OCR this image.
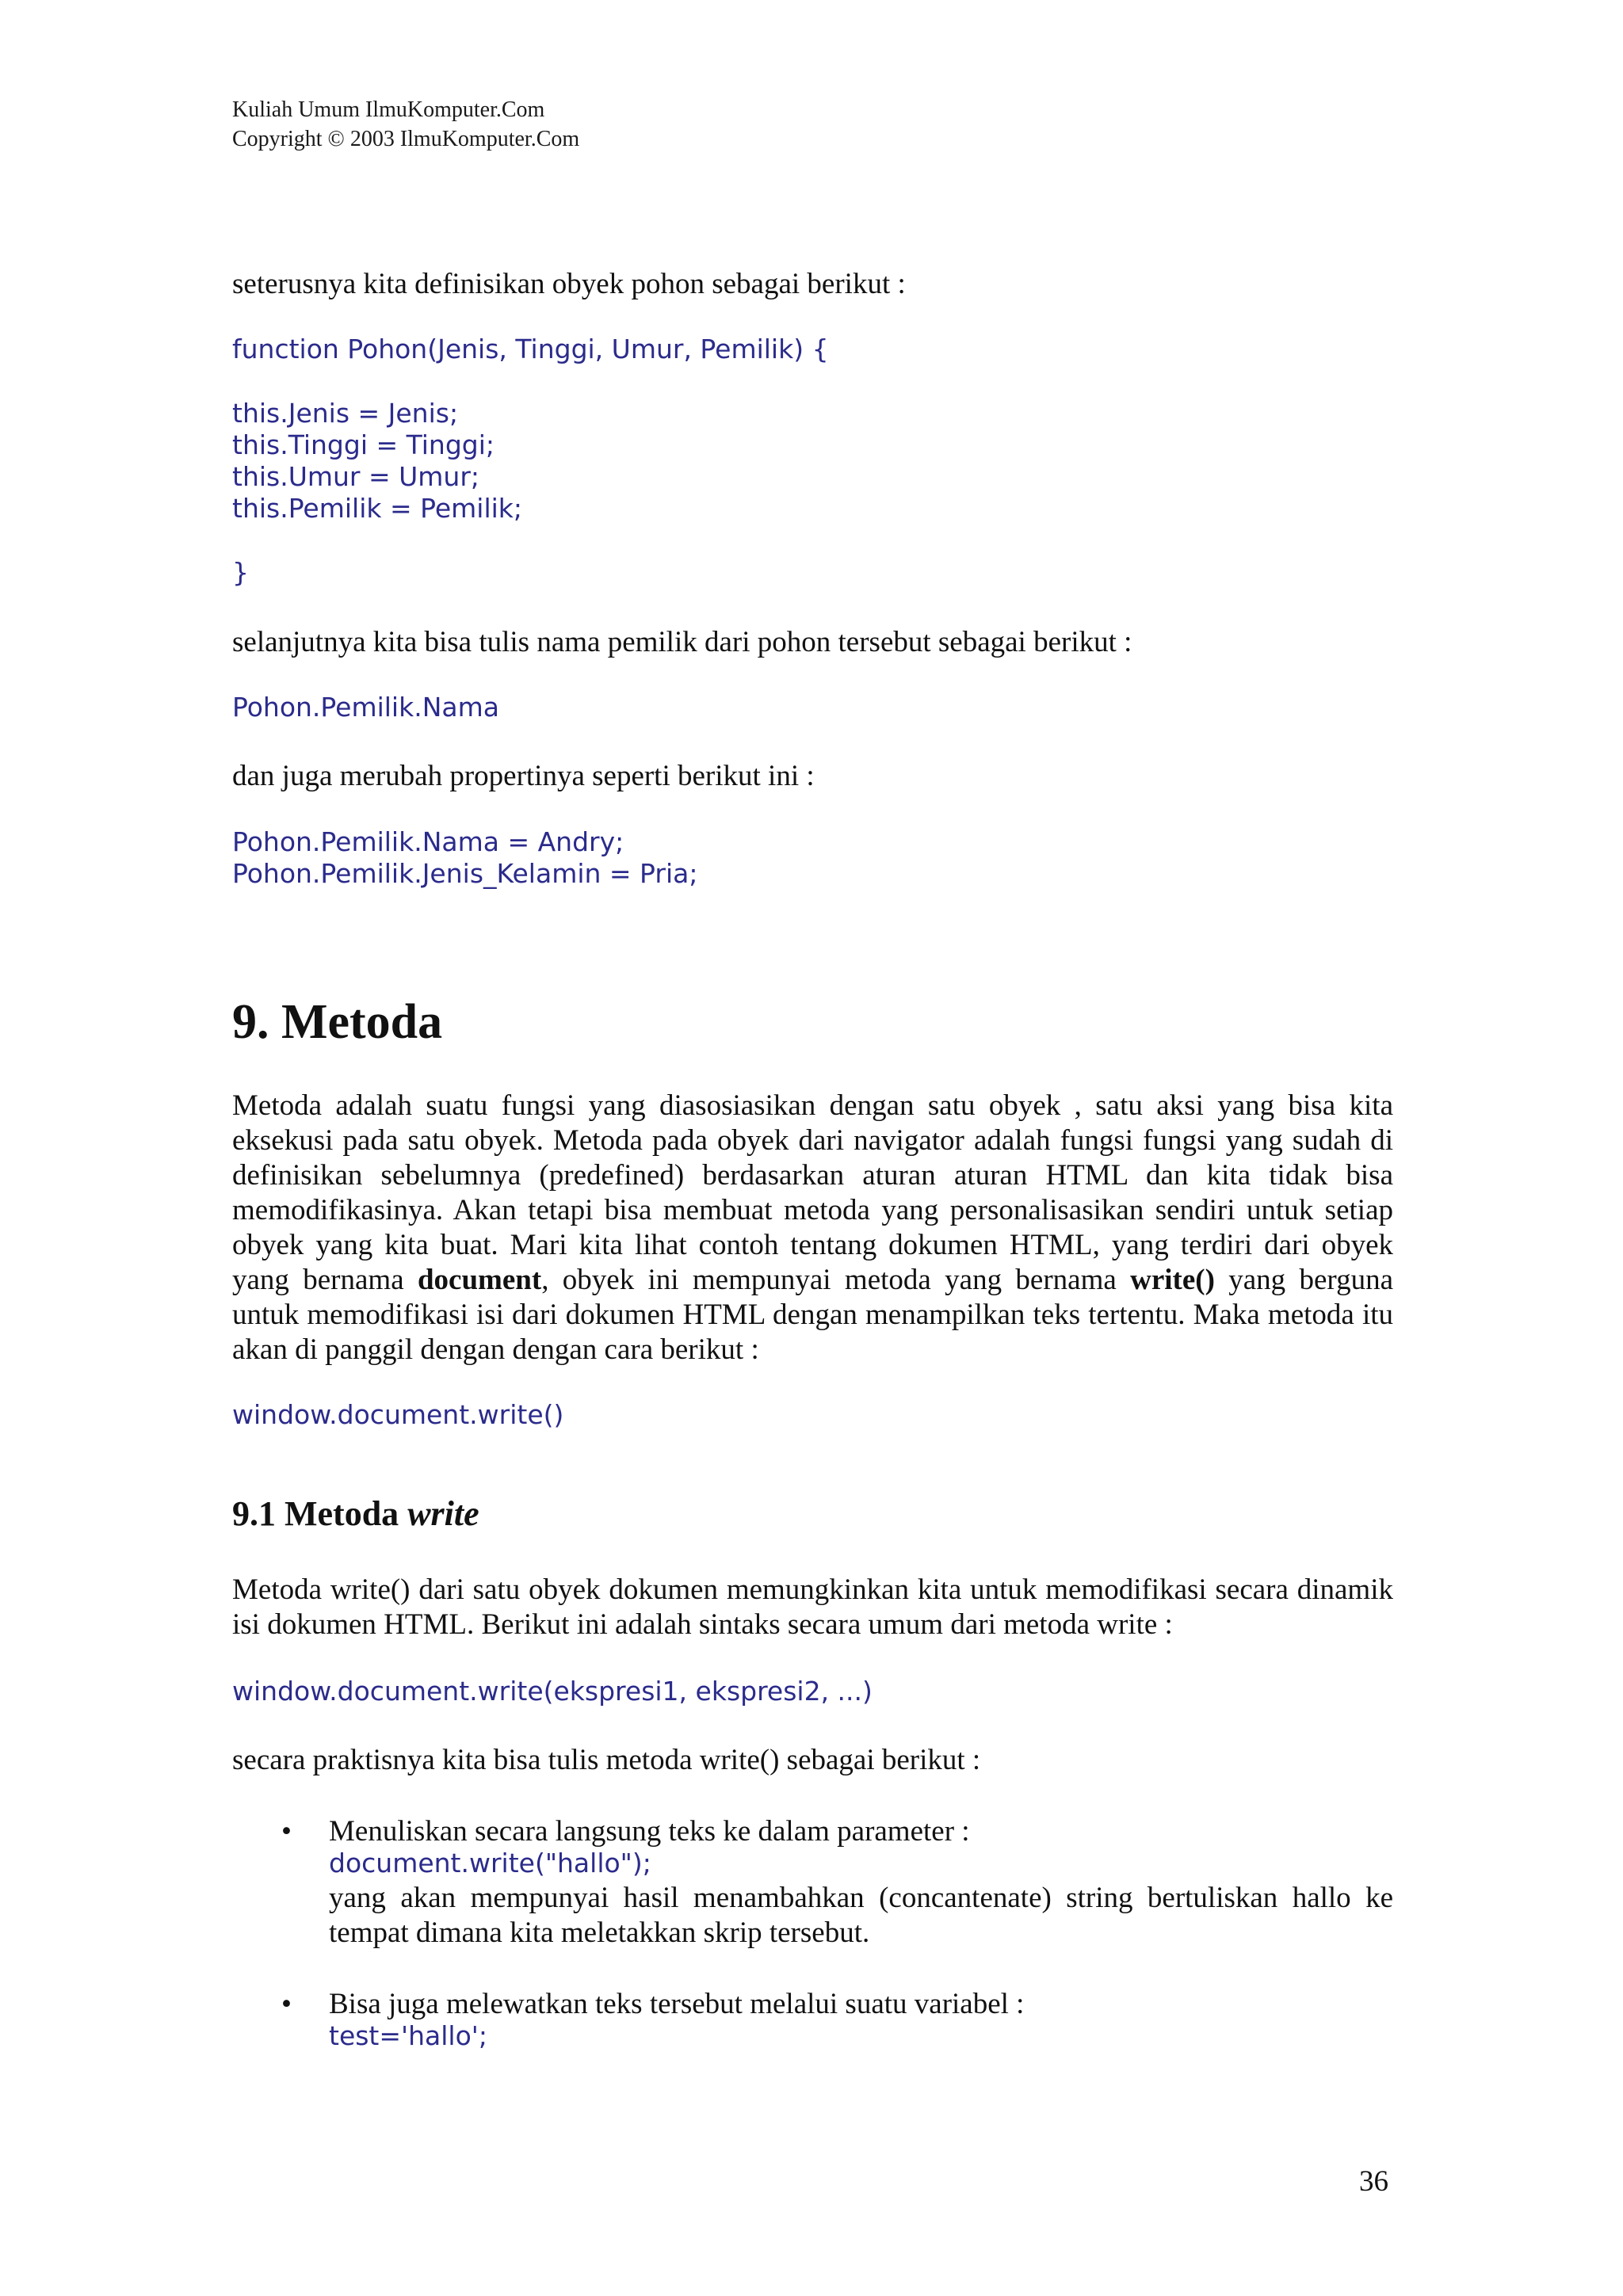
Kuliah Umum IlmuKomputer.Com
Copyright © 2003 IlmuKomputer.Com

seterusnya kita definisikan obyek pohon sebagai berikut :

function Pohon(Jenis, Tinggi, Umur, Pemilik) {
this.Jenis = Jenis;
this.Tinggi = Tinggi;
this.Umur = Umur;
this.Pemilik = Pemilik;
}

selanjutnya kita bisa tulis nama pemilik dari pohon tersebut sebagai berikut :

Pohon.Pemilik.Nama

dan juga merubah propertinya seperti berikut ini :

Pohon.Pemilik.Nama = Andry;
Pohon.Pemilik.Jenis_Kelamin = Pria;
9. Metoda

Metoda adalah suatu fungsi yang diasosiasikan dengan satu obyek , satu aksi yang bisa kita eksekusi pada satu obyek. Metoda pada obyek dari navigator adalah fungsi fungsi yang sudah di definisikan sebelumnya (predefined) berdasarkan aturan aturan HTML dan kita tidak bisa memodifikasinya. Akan tetapi bisa membuat metoda yang personalisasikan sendiri untuk setiap obyek yang kita buat. Mari kita lihat contoh tentang dokumen HTML, yang terdiri dari obyek yang bernama document, obyek ini mempunyai metoda yang bernama write() yang berguna untuk memodifikasi isi dari dokumen HTML dengan menampilkan teks tertentu. Maka metoda itu akan di panggil dengan dengan cara berikut :

window.document.write()
9.1 Metoda write

Metoda write() dari satu obyek dokumen memungkinkan kita untuk memodifikasi secara dinamik isi dokumen HTML. Berikut ini adalah sintaks secara umum dari metoda write :

window.document.write(ekspresi1, ekspresi2, ...)

secara praktisnya kita bisa tulis metoda write() sebagai berikut :

• Menuliskan secara langsung teks ke dalam parameter :
document.write("hallo");
yang akan mempunyai hasil menambahkan (concantenate) string bertuliskan hallo ke tempat dimana kita meletakkan skrip tersebut.
• Bisa juga melewatkan teks tersebut melalui suatu variabel :
test='hallo';
36
